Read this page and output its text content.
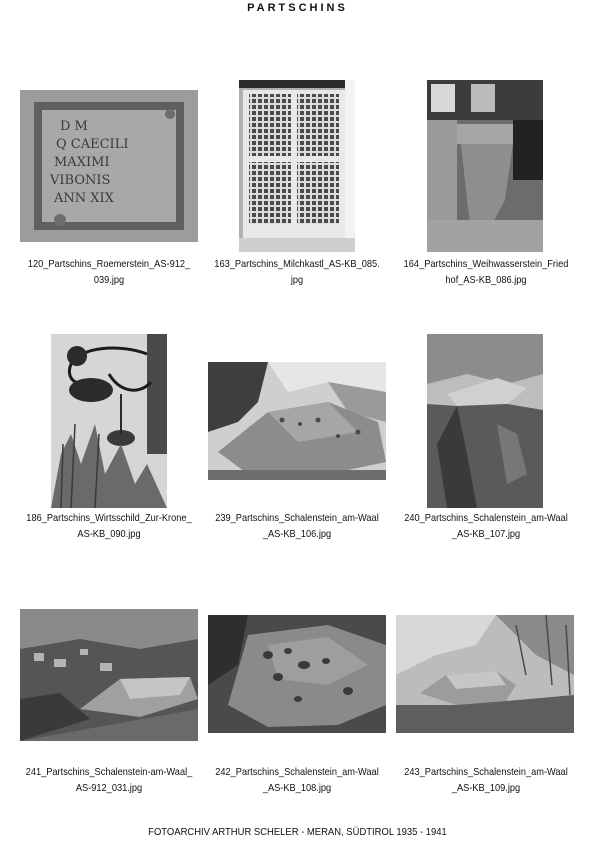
PARTSCHINS
D M
Q CAECILI
MAXIMI
VIBONIS
ANN XIX
120_Partschins_Roemerstein_AS-912_039.jpg
163_Partschins_Milchkastl_AS-KB_085.jpg
164_Partschins_Weihwasserstein_Friedhof_AS-KB_086.jpg
186_Partschins_Wirtsschild_Zur-Krone_AS-KB_090.jpg
239_Partschins_Schalenstein_am-Waal_AS-KB_106.jpg
240_Partschins_Schalenstein_am-Waal_AS-KB_107.jpg
241_Partschins_Schalenstein-am-Waal_AS-912_031.jpg
242_Partschins_Schalenstein_am-Waal_AS-KB_108.jpg
243_Partschins_Schalenstein_am-Waal_AS-KB_109.jpg
FOTOARCHIV ARTHUR SCHELER - MERAN, SÜDTIROL 1935 - 1941
